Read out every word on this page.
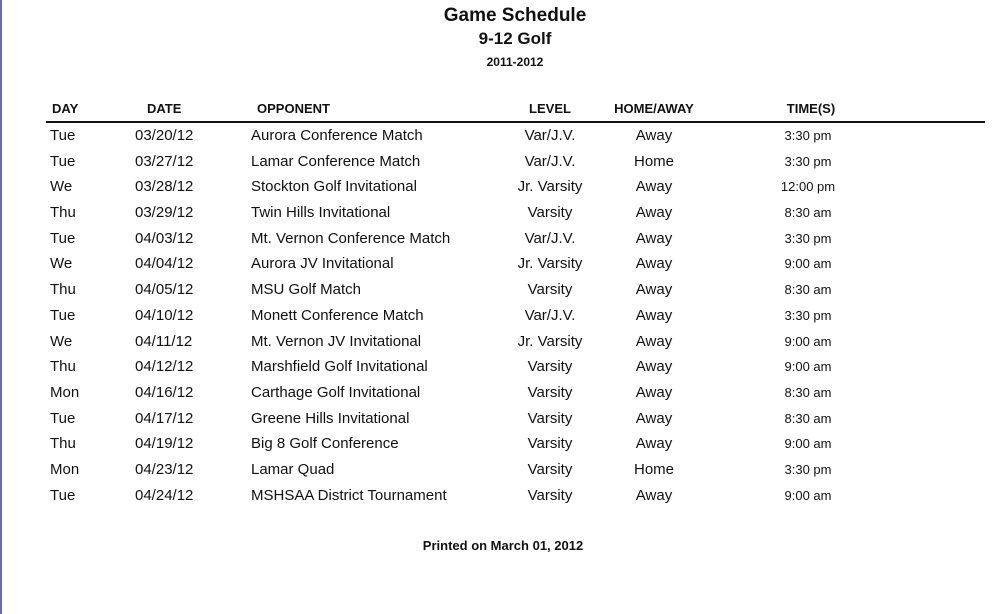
Game Schedule
9-12 Golf
2011-2012
DAY	DATE	OPPONENT	LEVEL	HOME/AWAY	TIME(S)
Tue	03/20/12	Aurora Conference Match	Var/J.V.	Away	3:30 pm
Tue	03/27/12	Lamar Conference Match	Var/J.V.	Home	3:30 pm
We	03/28/12	Stockton Golf Invitational	Jr. Varsity	Away	12:00 pm
Thu	03/29/12	Twin Hills Invitational	Varsity	Away	8:30 am
Tue	04/03/12	Mt. Vernon Conference Match	Var/J.V.	Away	3:30 pm
We	04/04/12	Aurora JV Invitational	Jr. Varsity	Away	9:00 am
Thu	04/05/12	MSU Golf Match	Varsity	Away	8:30 am
Tue	04/10/12	Monett Conference Match	Var/J.V.	Away	3:30 pm
We	04/11/12	Mt. Vernon JV Invitational	Jr. Varsity	Away	9:00 am
Thu	04/12/12	Marshfield Golf Invitational	Varsity	Away	9:00 am
Mon	04/16/12	Carthage Golf Invitational	Varsity	Away	8:30 am
Tue	04/17/12	Greene Hills Invitational	Varsity	Away	8:30 am
Thu	04/19/12	Big 8 Golf Conference	Varsity	Away	9:00 am
Mon	04/23/12	Lamar Quad	Varsity	Home	3:30 pm
Tue	04/24/12	MSHSAA District Tournament	Varsity	Away	9:00 am
Printed on March 01, 2012
